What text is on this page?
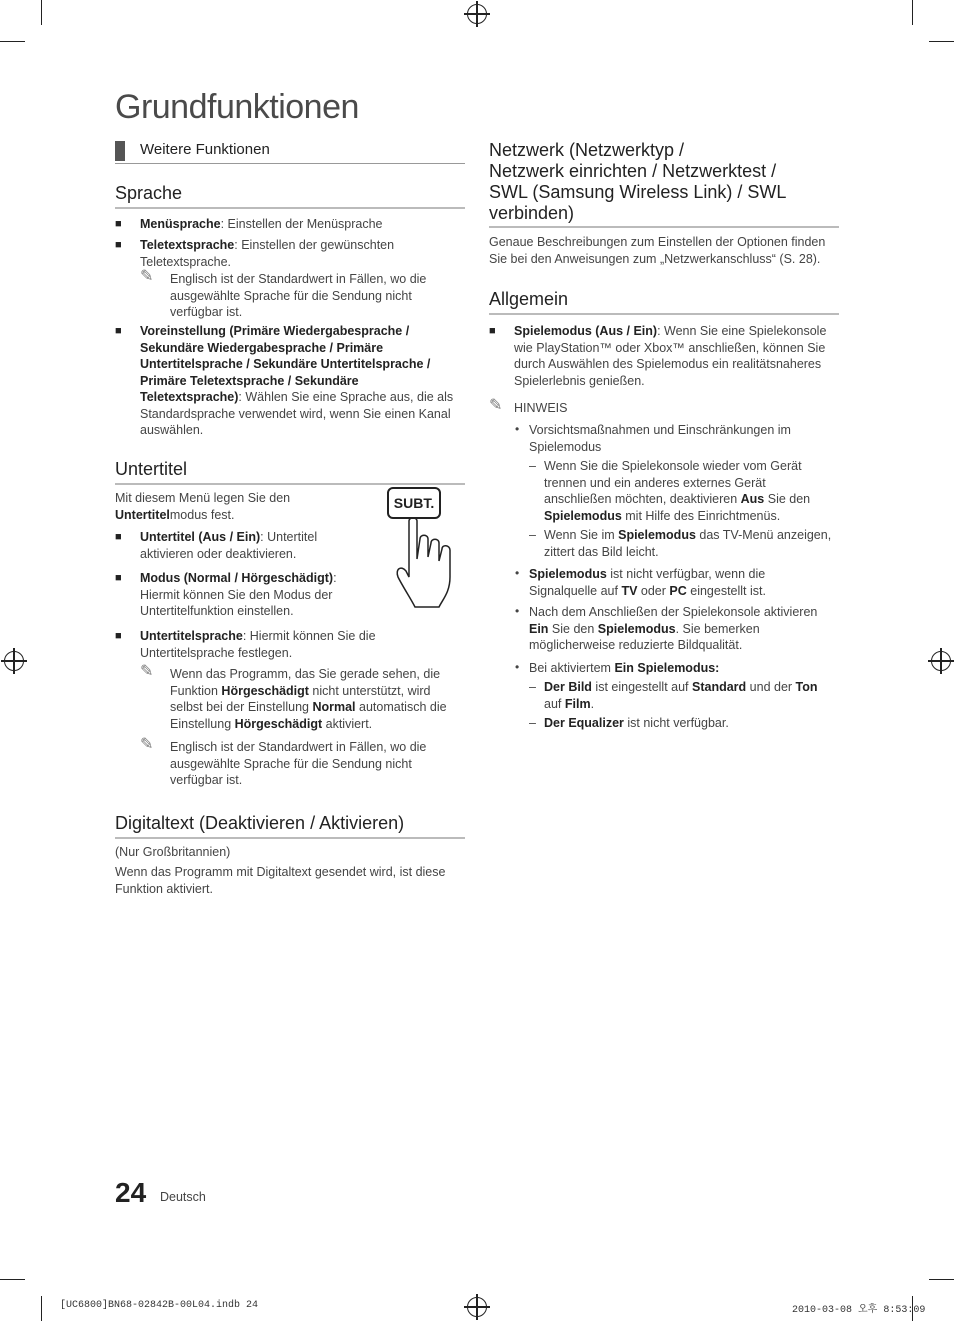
Grundfunktionen
Weitere Funktionen
Sprache
■ Menüsprache: Einstellen der Menüsprache
■ Teletextsprache: Einstellen der gewünschten Teletextsprache.
✎ Englisch ist der Standardwert in Fällen, wo die ausgewählte Sprache für die Sendung nicht verfügbar ist.
■ Voreinstellung (Primäre Wiedergabesprache / Sekundäre Wiedergabesprache / Primäre Untertitelsprache / Sekundäre Untertitelsprache / Primäre Teletextsprache / Sekundäre Teletextsprache): Wählen Sie eine Sprache aus, die als Standardsprache verwendet wird, wenn Sie einen Kanal auswählen.
Untertitel
Mit diesem Menü legen Sie den Untertitelmodus fest.
SUBT.
■ Untertitel (Aus / Ein): Untertitel aktivieren oder deaktivieren.
■ Modus (Normal / Hörgeschädigt): Hiermit können Sie den Modus der Untertitelfunktion einstellen.
■ Untertitelsprache: Hiermit können Sie die Untertitelsprache festlegen.
✎ Wenn das Programm, das Sie gerade sehen, die Funktion Hörgeschädigt nicht unterstützt, wird selbst bei der Einstellung Normal automatisch die Einstellung Hörgeschädigt aktiviert.
✎ Englisch ist der Standardwert in Fällen, wo die ausgewählte Sprache für die Sendung nicht verfügbar ist.
Digitaltext (Deaktivieren / Aktivieren)
(Nur Großbritannien)
Wenn das Programm mit Digitaltext gesendet wird, ist diese Funktion aktiviert.
Netzwerk (Netzwerktyp /
Netzwerk einrichten / Netzwerktest /
SWL (Samsung Wireless Link) / SWL
verbinden)
Genaue Beschreibungen zum Einstellen der Optionen finden Sie bei den Anweisungen zum „Netzwerkanschluss“ (S. 28).
Allgemein
■ Spielemodus (Aus / Ein): Wenn Sie eine Spielekonsole wie PlayStation™ oder Xbox™ anschließen, können Sie durch Auswählen des Spielemodus ein realitätsnaheres Spielerlebnis genießen.
✎ HINWEIS
• Vorsichtsmaßnahmen und Einschränkungen im Spielemodus
– Wenn Sie die Spielekonsole wieder vom Gerät trennen und ein anderes externes Gerät anschließen möchten, deaktivieren Aus Sie den Spielemodus mit Hilfe des Einrichtmenüs.
– Wenn Sie im Spielemodus das TV-Menü anzeigen, zittert das Bild leicht.
• Spielemodus ist nicht verfügbar, wenn die Signalquelle auf TV oder PC eingestellt ist.
• Nach dem Anschließen der Spielekonsole aktivieren Ein Sie den Spielemodus. Sie bemerken möglicherweise reduzierte Bildqualität.
• Bei aktiviertem Ein Spielemodus:
– Der Bild ist eingestellt auf Standard und der Ton auf Film.
– Der Equalizer ist nicht verfügbar.
24 Deutsch
[UC6800]BN68-02842B-00L04.indb 24	2010-03-08 오후 8:53:09
